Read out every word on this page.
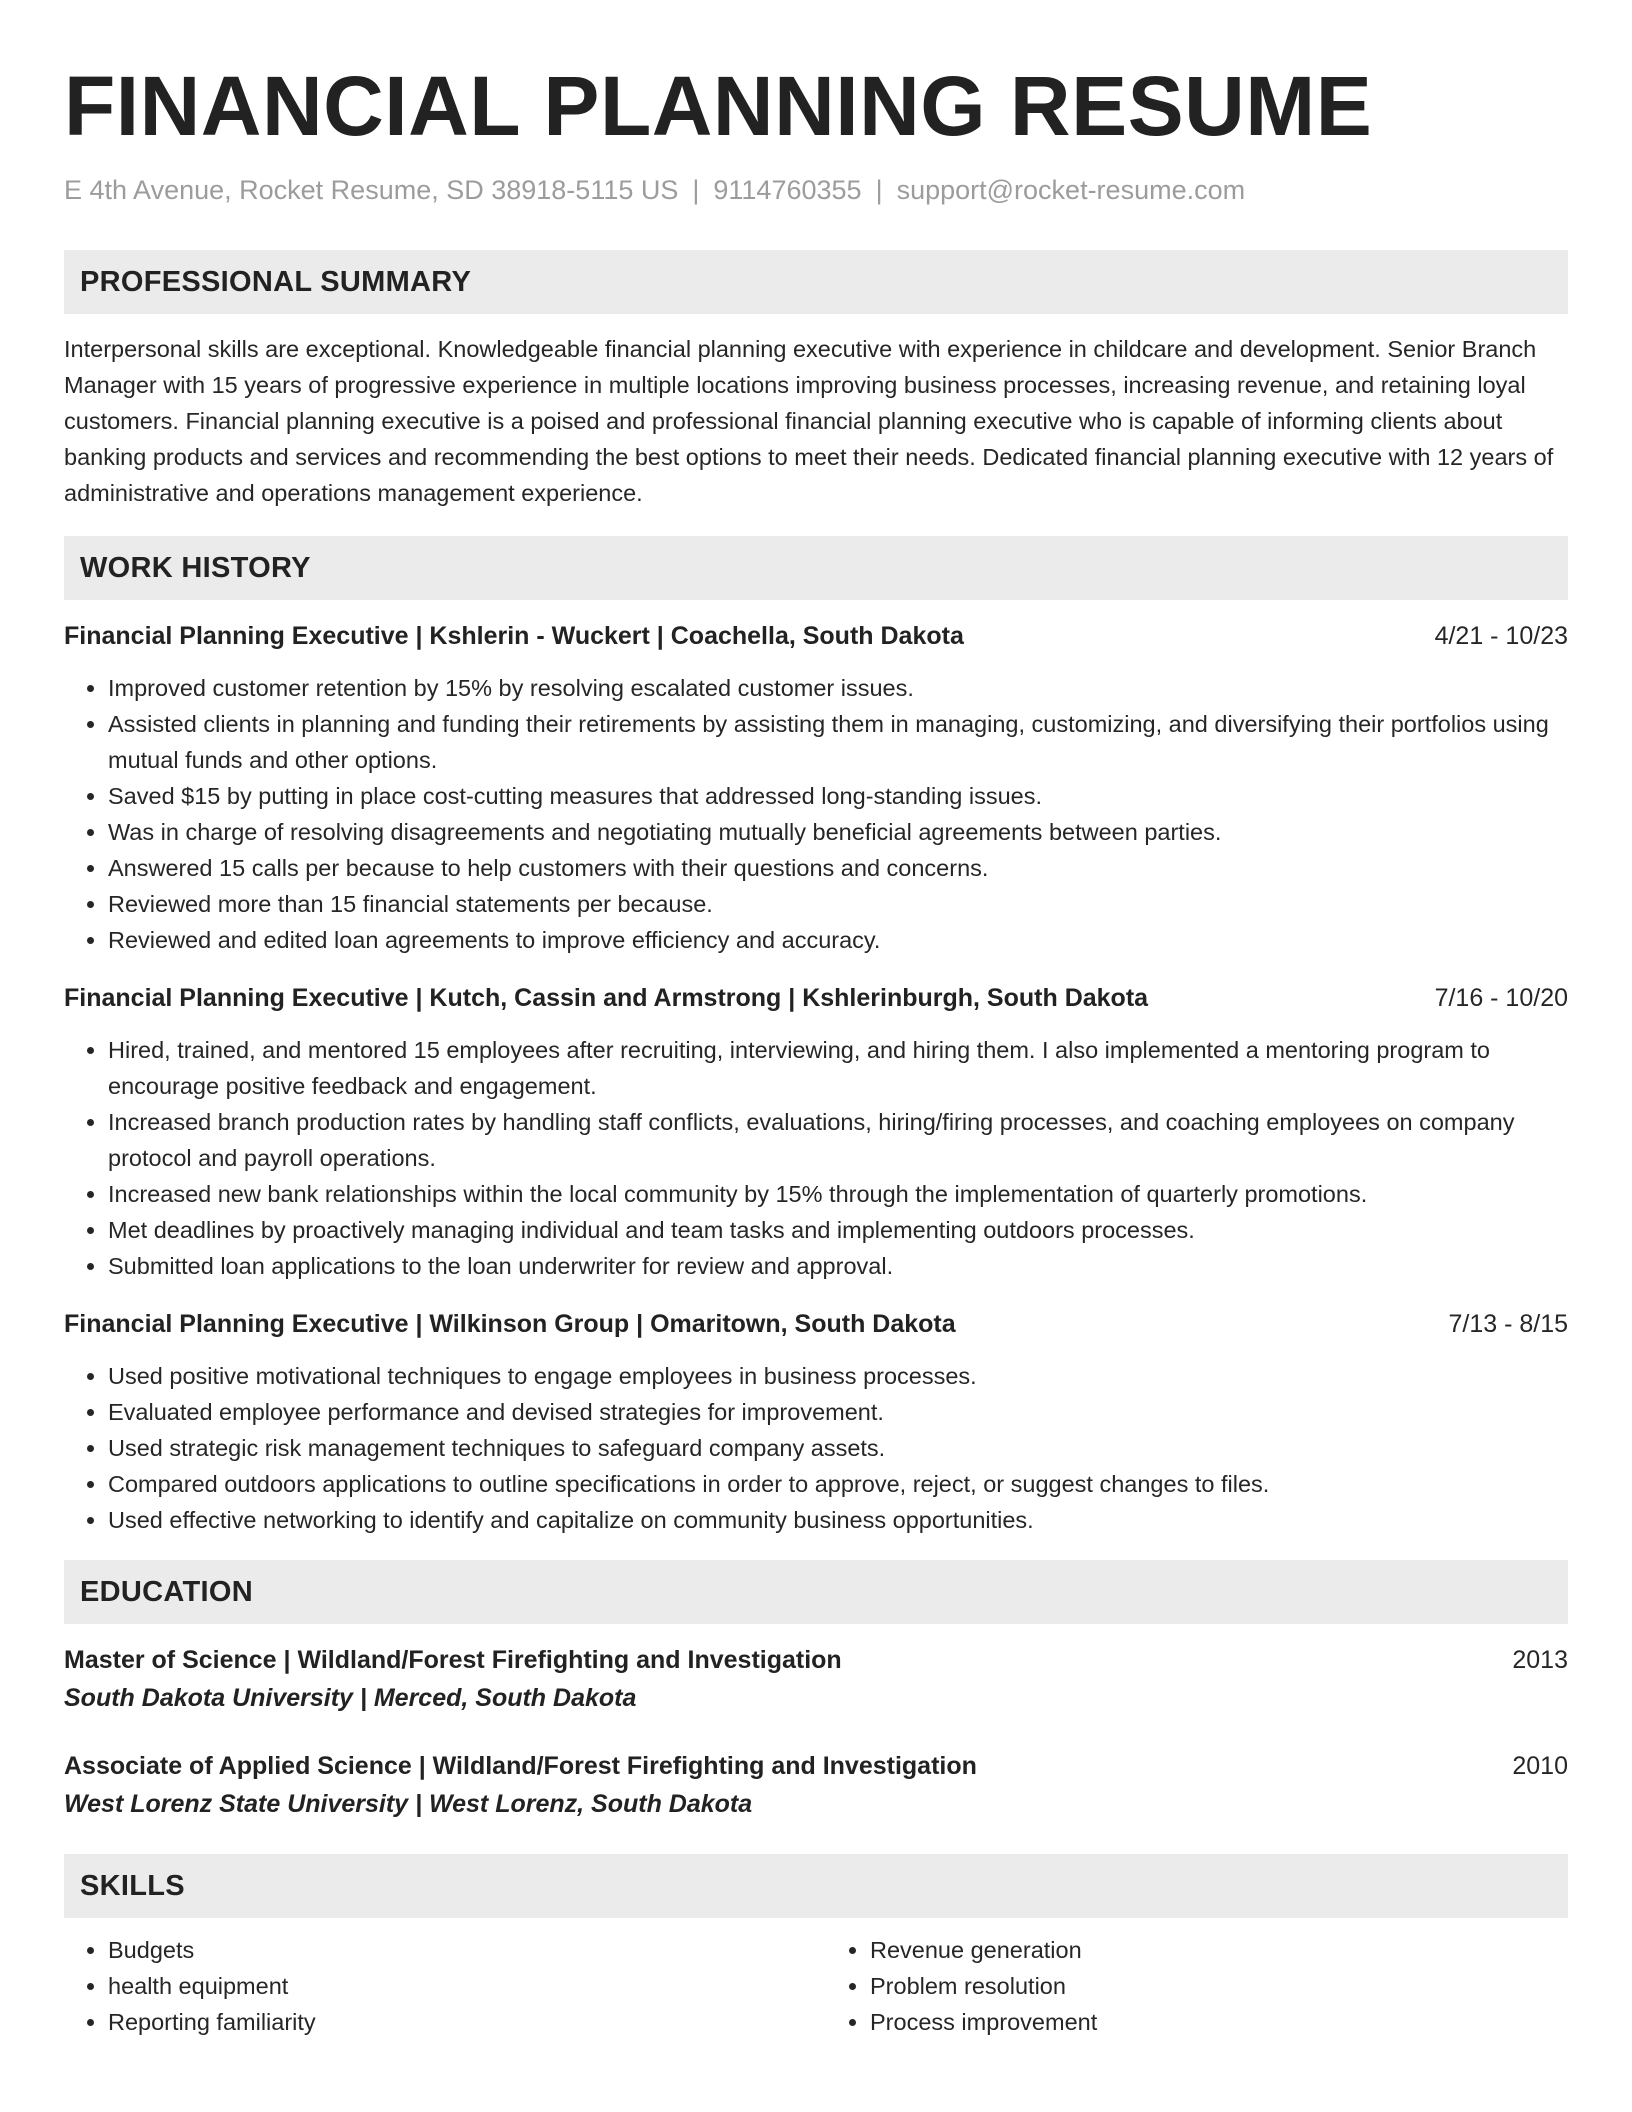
FINANCIAL PLANNING RESUME
E 4th Avenue, Rocket Resume, SD 38918-5115 US | 9114760355 | support@rocket-resume.com
PROFESSIONAL SUMMARY
Interpersonal skills are exceptional. Knowledgeable financial planning executive with experience in childcare and development. Senior Branch Manager with 15 years of progressive experience in multiple locations improving business processes, increasing revenue, and retaining loyal customers. Financial planning executive is a poised and professional financial planning executive who is capable of informing clients about banking products and services and recommending the best options to meet their needs. Dedicated financial planning executive with 12 years of administrative and operations management experience.
WORK HISTORY
Financial Planning Executive | Kshlerin - Wuckert | Coachella, South Dakota	4/21 - 10/23
• Improved customer retention by 15% by resolving escalated customer issues.
• Assisted clients in planning and funding their retirements by assisting them in managing, customizing, and diversifying their portfolios using mutual funds and other options.
• Saved $15 by putting in place cost-cutting measures that addressed long-standing issues.
• Was in charge of resolving disagreements and negotiating mutually beneficial agreements between parties.
• Answered 15 calls per because to help customers with their questions and concerns.
• Reviewed more than 15 financial statements per because.
• Reviewed and edited loan agreements to improve efficiency and accuracy.
Financial Planning Executive | Kutch, Cassin and Armstrong | Kshlerinburgh, South Dakota	7/16 - 10/20
• Hired, trained, and mentored 15 employees after recruiting, interviewing, and hiring them. I also implemented a mentoring program to encourage positive feedback and engagement.
• Increased branch production rates by handling staff conflicts, evaluations, hiring/firing processes, and coaching employees on company protocol and payroll operations.
• Increased new bank relationships within the local community by 15% through the implementation of quarterly promotions.
• Met deadlines by proactively managing individual and team tasks and implementing outdoors processes.
• Submitted loan applications to the loan underwriter for review and approval.
Financial Planning Executive | Wilkinson Group | Omaritown, South Dakota	7/13 - 8/15
• Used positive motivational techniques to engage employees in business processes.
• Evaluated employee performance and devised strategies for improvement.
• Used strategic risk management techniques to safeguard company assets.
• Compared outdoors applications to outline specifications in order to approve, reject, or suggest changes to files.
• Used effective networking to identify and capitalize on community business opportunities.
EDUCATION
Master of Science | Wildland/Forest Firefighting and Investigation	2013
South Dakota University | Merced, South Dakota
Associate of Applied Science | Wildland/Forest Firefighting and Investigation	2010
West Lorenz State University | West Lorenz, South Dakota
SKILLS
• Budgets
• health equipment
• Reporting familiarity
• Revenue generation
• Problem resolution
• Process improvement
